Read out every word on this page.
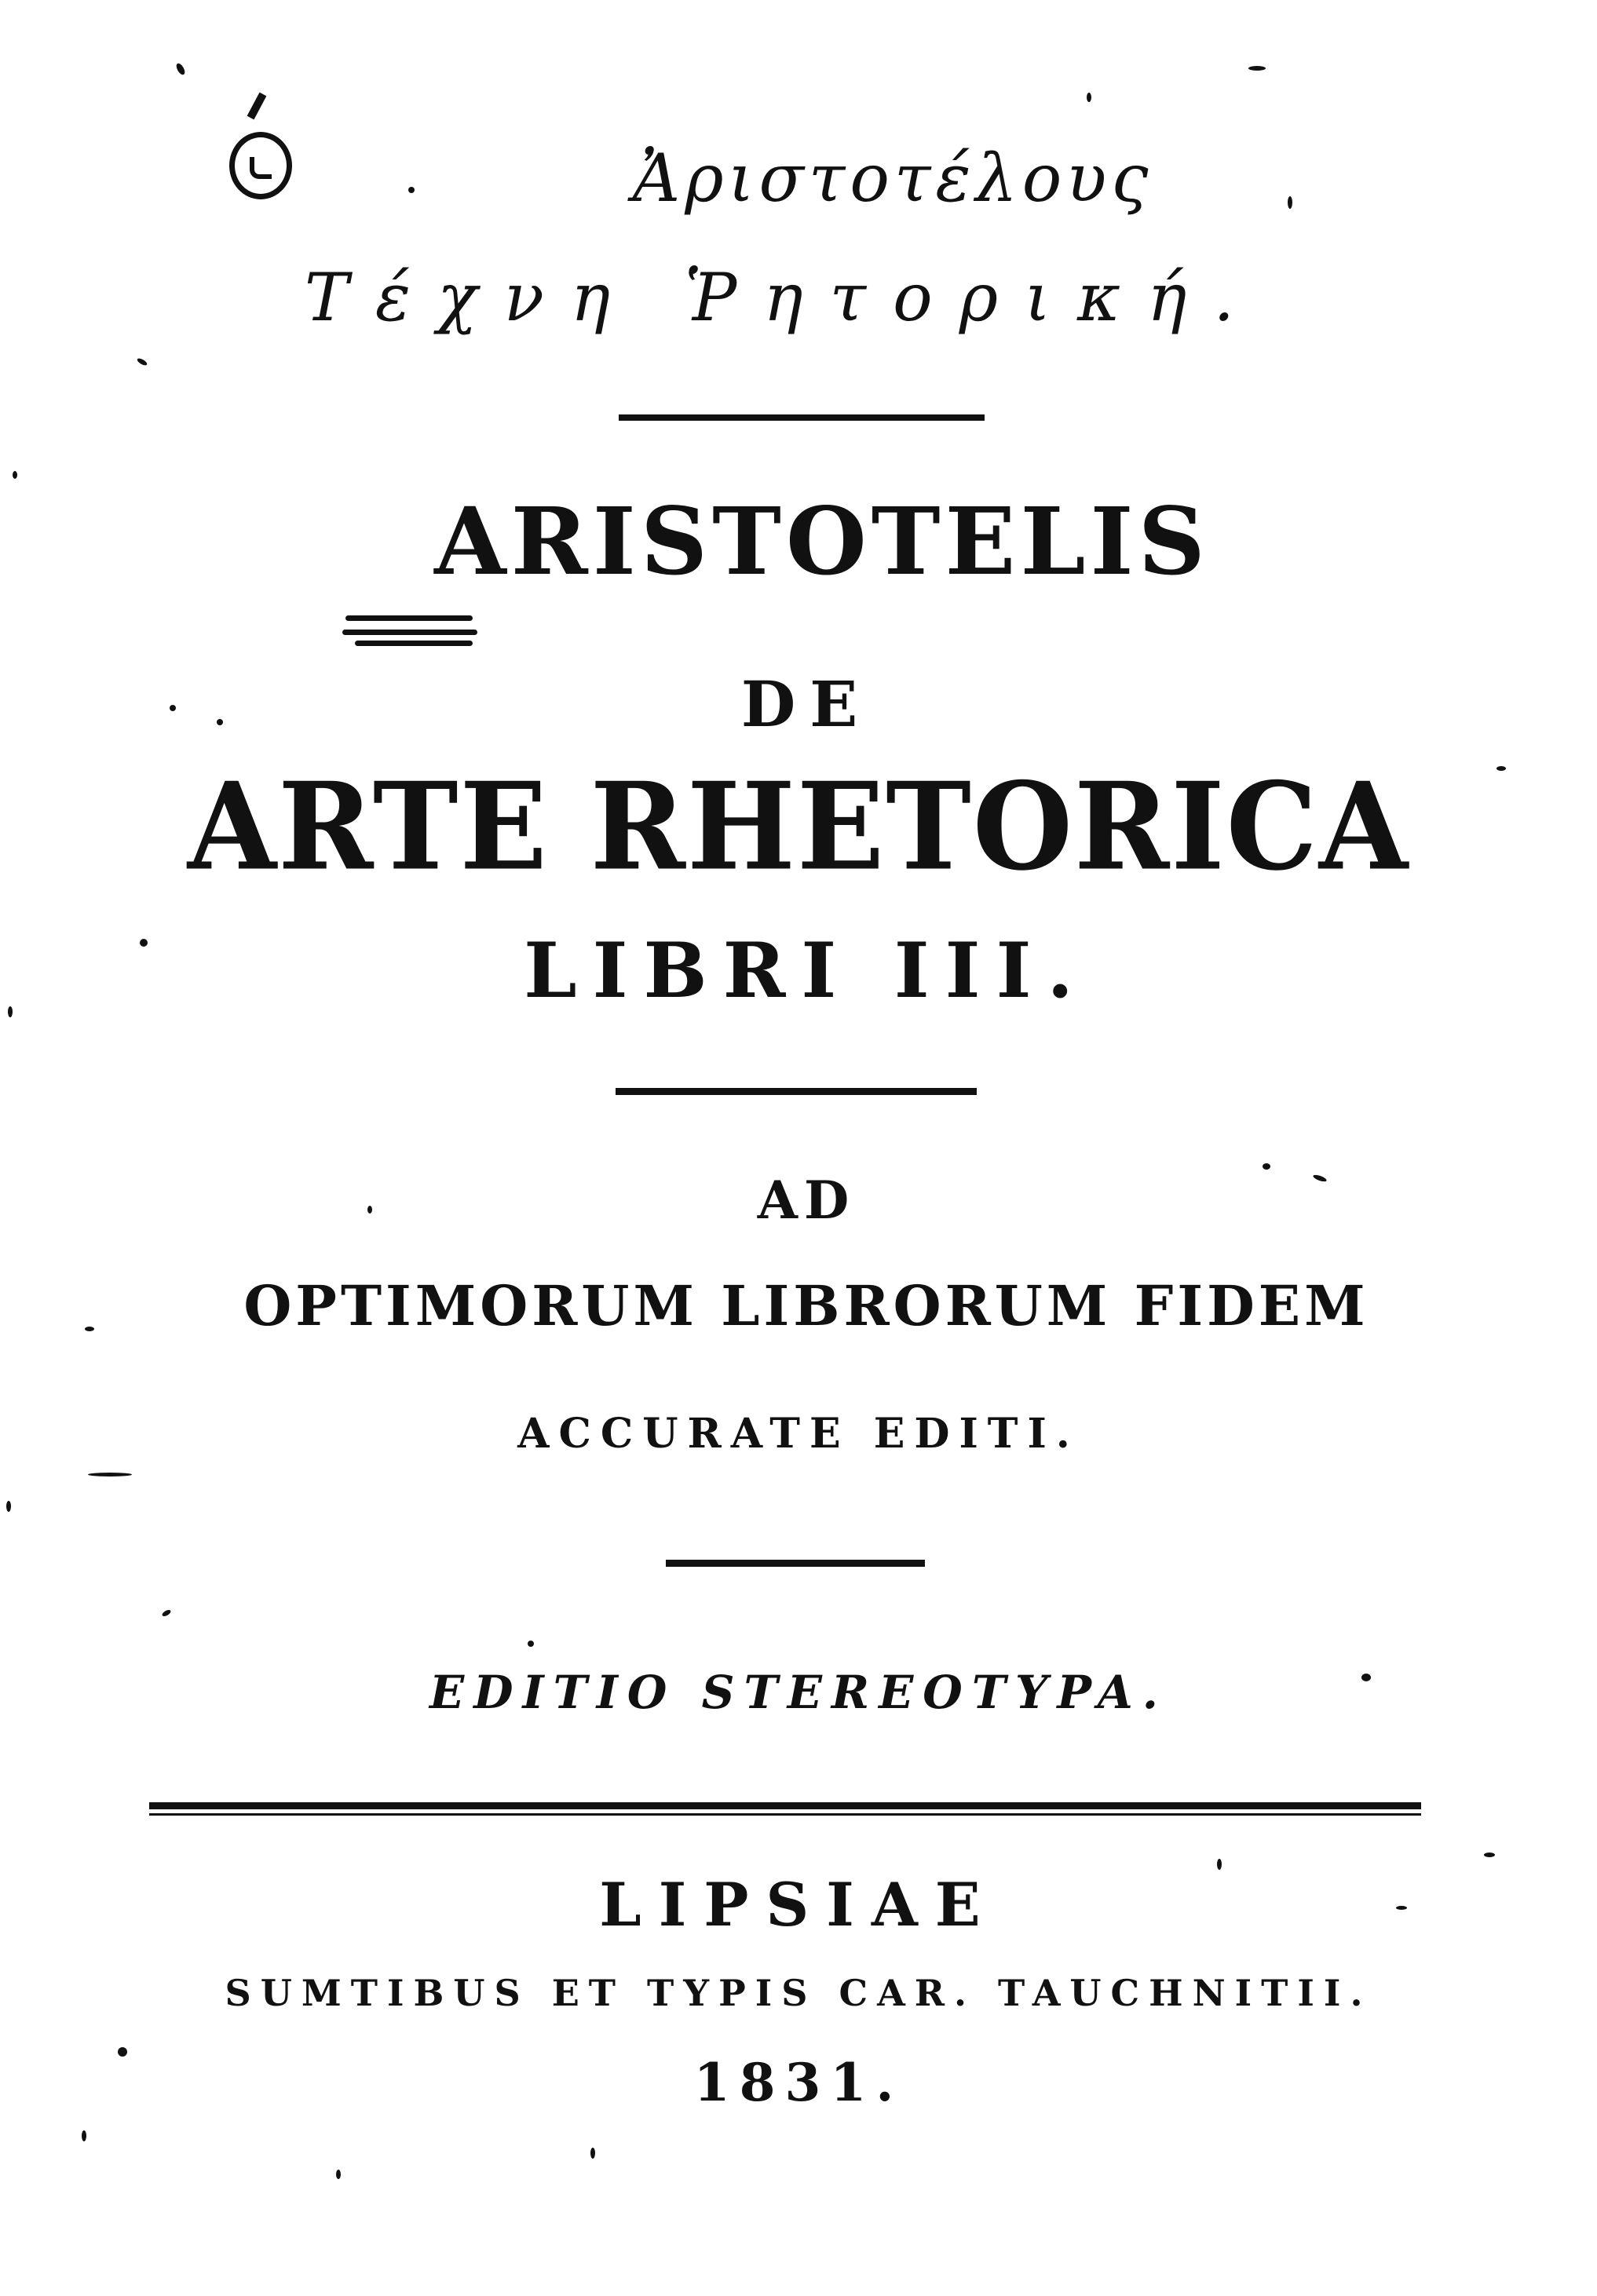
Ἀριστοτέλους
Τέχνη Ῥητορική.
ARISTOTELIS
DE
ARTE RHETORICA
LIBRI III.
AD
OPTIMORUM LIBRORUM FIDEM
ACCURATE EDITI.
EDITIO STEREOTYPA.
LIPSIAE
SUMTIBUS ET TYPIS CAR. TAUCHNITII.
1831.
